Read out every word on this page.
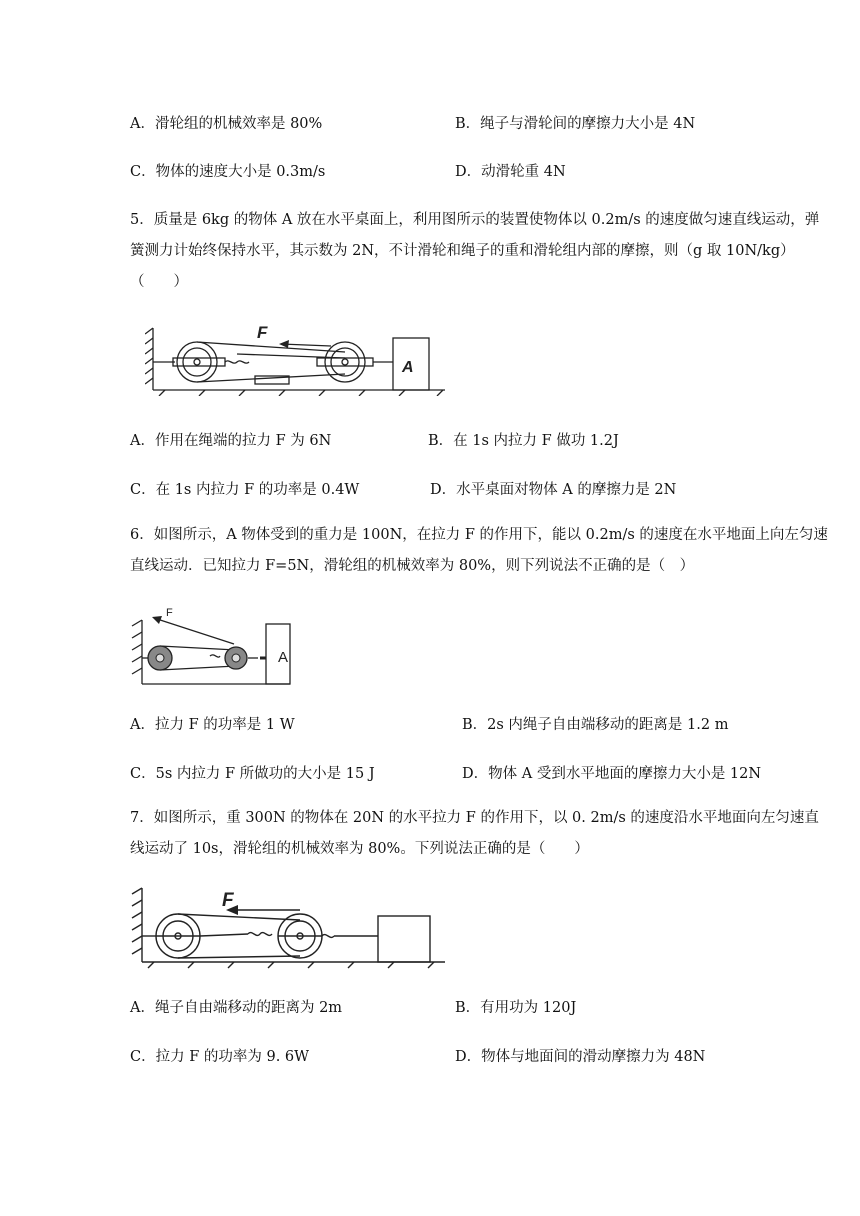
A．滑轮组的机械效率是 80%	B．绳子与滑轮间的摩擦力大小是 4N
C．物体的速度大小是 0.3m/s	D．动滑轮重 4N
5．质量是 6kg 的物体 A 放在水平桌面上，利用图所示的装置使物体以 0.2m/s 的速度做匀速直线运动，弹簧测力计始终保持水平，其示数为 2N，不计滑轮和绳子的重和滑轮组内部的摩擦，则（g 取 10N/kg）（　　）
F
A
A．作用在绳端的拉力 F 为 6N	B．在 1s 内拉力 F 做功 1.2J
C．在 1s 内拉力 F 的功率是 0.4W	D．水平桌面对物体 A 的摩擦力是 2N
6．如图所示，A 物体受到的重力是 100N，在拉力 F 的作用下，能以 0.2m/s 的速度在水平地面上向左匀速直线运动．已知拉力 F=5N，滑轮组的机械效率为 80%，则下列说法不正确的是（　）
F
A
A．拉力 F 的功率是 1 W	B．2s 内绳子自由端移动的距离是 1.2 m
C．5s 内拉力 F 所做功的大小是 15 J	D．物体 A 受到水平地面的摩擦力大小是 12N
7．如图所示，重 300N 的物体在 20N 的水平拉力 F 的作用下，以 0. 2m/s 的速度沿水平地面向左匀速直线运动了 10s，滑轮组的机械效率为 80%。下列说法正确的是（　　）
F
A．绳子自由端移动的距离为 2m	B．有用功为 120J
C．拉力 F 的功率为 9. 6W	D．物体与地面间的滑动摩擦力为 48N
